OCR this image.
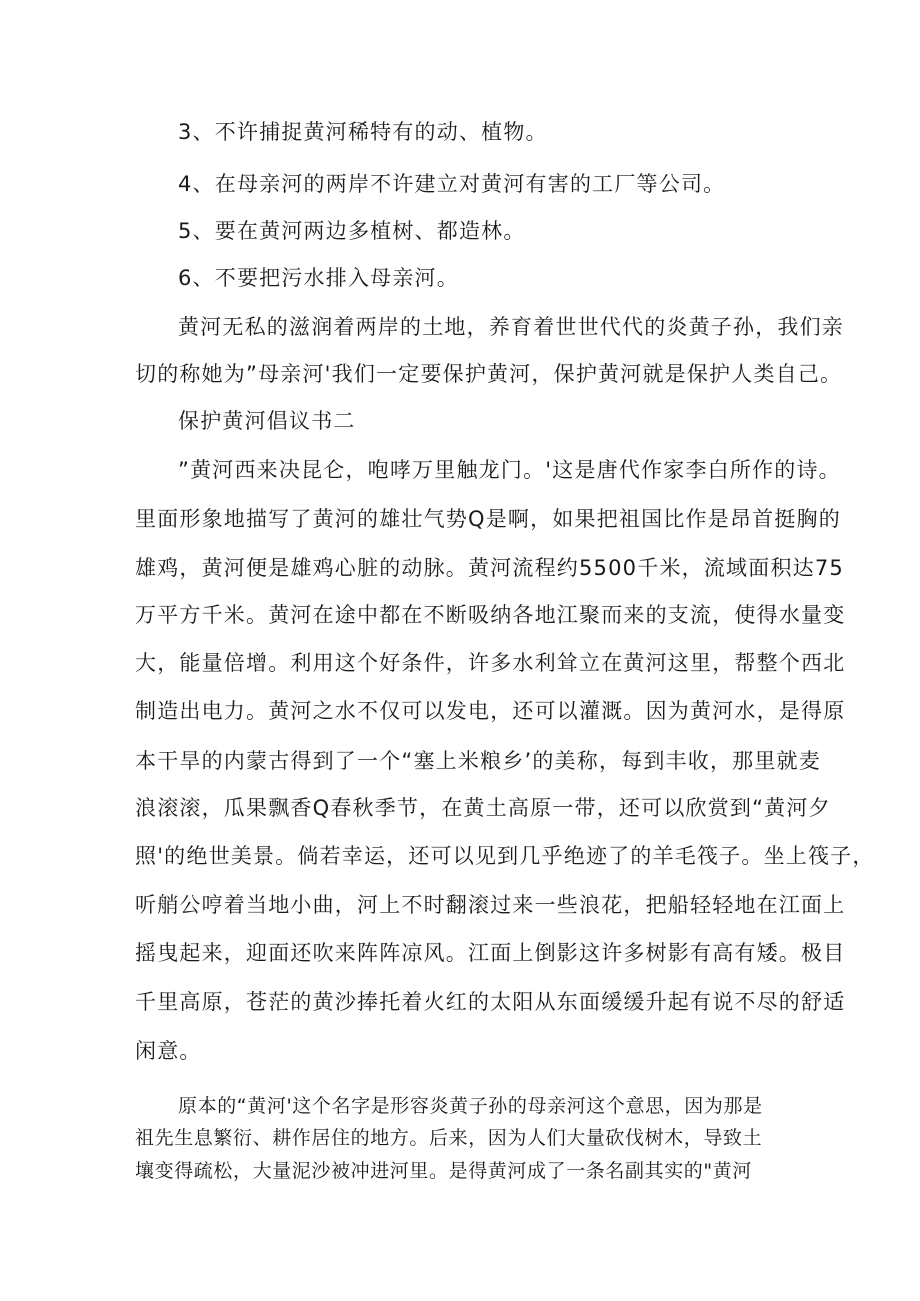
3、不许捕捉黄河稀特有的动、植物。
4、在母亲河的两岸不许建立对黄河有害的工厂等公司。
5、要在黄河两边多植树、都造林。
6、不要把污水排入母亲河。
黄河无私的滋润着两岸的土地，养育着世世代代的炎黄子孙，我们亲
切的称她为”母亲河'我们一定要保护黄河，保护黄河就是保护人类自己。
保护黄河倡议书二
”黄河西来决昆仑，咆哮万里触龙门。'这是唐代作家李白所作的诗。
里面形象地描写了黄河的雄壮气势Q是啊，如果把祖国比作是昂首挺胸的
雄鸡，黄河便是雄鸡心脏的动脉。黄河流程约5500千米，流域面积达75
万平方千米。黄河在途中都在不断吸纳各地江聚而来的支流，使得水量变
大，能量倍增。利用这个好条件，许多水利耸立在黄河这里，帮整个西北
制造出电力。黄河之水不仅可以发电，还可以灌溉。因为黄河水，是得原
本干旱的内蒙古得到了一个“塞上米粮乡’的美称，每到丰收，那里就麦
浪滚滚，瓜果飘香Q春秋季节，在黄土高原一带，还可以欣赏到“黄河夕
照'的绝世美景。倘若幸运，还可以见到几乎绝迹了的羊毛筏子。坐上筏子，
听艄公哼着当地小曲，河上不时翻滚过来一些浪花，把船轻轻地在江面上
摇曳起来，迎面还吹来阵阵凉风。江面上倒影这许多树影有高有矮。极目
千里高原，苍茫的黄沙捧托着火红的太阳从东面缓缓升起有说不尽的舒适
闲意。
原本的“黄河'这个名字是形容炎黄子孙的母亲河这个意思，因为那是
祖先生息繁衍、耕作居住的地方。后来，因为人们大量砍伐树木，导致土
壤变得疏松，大量泥沙被冲进河里。是得黄河成了一条名副其实的"黄河
